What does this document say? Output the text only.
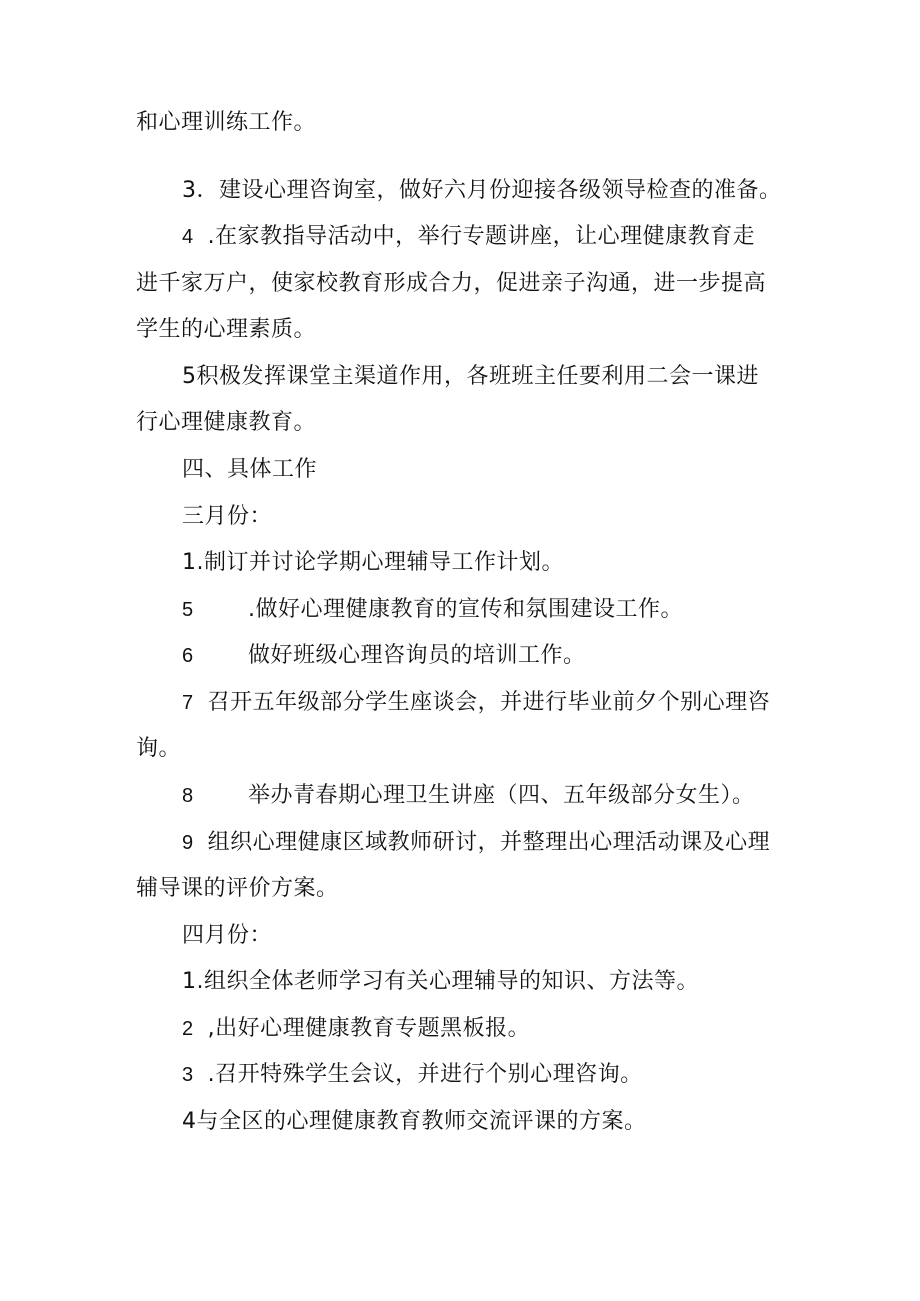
和心理训练工作。
3．建设心理咨询室，做好六月份迎接各级领导检查的准备。
4 .在家教指导活动中，举行专题讲座，让心理健康教育走
进千家万户，使家校教育形成合力，促进亲子沟通，进一步提高
学生的心理素质。
5积极发挥课堂主渠道作用，各班班主任要利用二会一课进
行心理健康教育。
四、具体工作
三月份：
1.制订并讨论学期心理辅导工作计划。
5 .做好心理健康教育的宣传和氛围建设工作。
6 做好班级心理咨询员的培训工作。
7 召开五年级部分学生座谈会，并进行毕业前夕个别心理咨
询。
8 举办青春期心理卫生讲座（四、五年级部分女生）。
9 组织心理健康区域教师研讨，并整理出心理活动课及心理
辅导课的评价方案。
四月份：
1.组织全体老师学习有关心理辅导的知识、方法等。
2 ,出好心理健康教育专题黑板报。
3 .召开特殊学生会议，并进行个别心理咨询。
4与全区的心理健康教育教师交流评课的方案。
